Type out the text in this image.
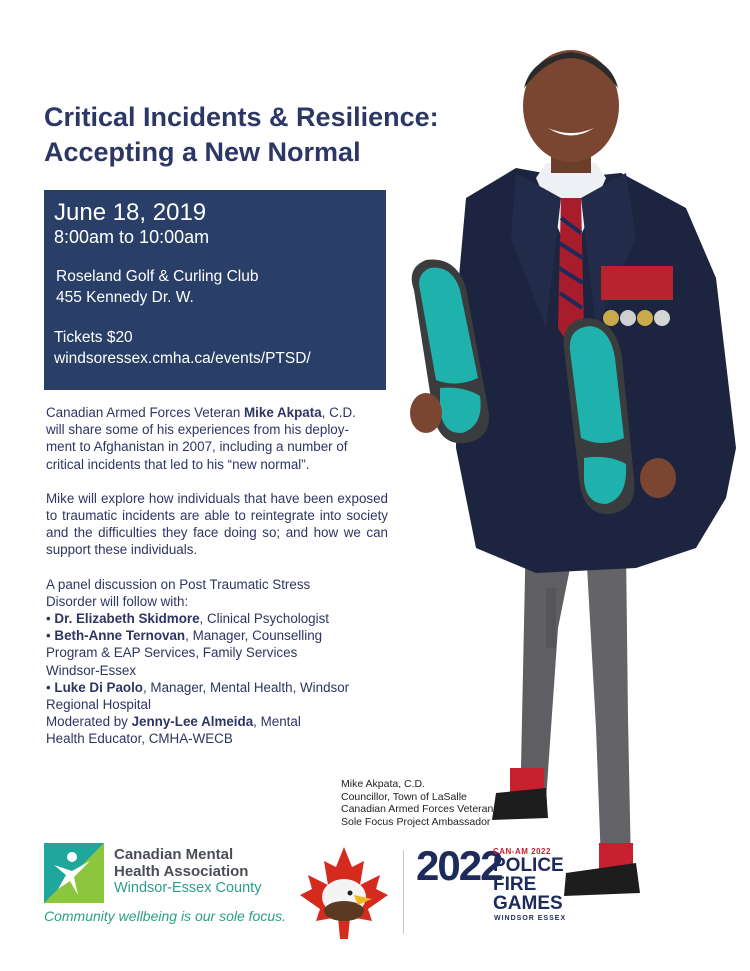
Critical Incidents & Resilience:
Accepting a New Normal
June 18, 2019
8:00am to 10:00am
Roseland Golf & Curling Club
455 Kennedy Dr. W.
Tickets $20
windsoressex.cmha.ca/events/PTSD/

Canadian Armed Forces Veteran Mike Akpata, C.D.
will share some of his experiences from his deploy-
ment to Afghanistan in 2007, including a number of
critical incidents that led to his “new normal”.

Mike will explore how individuals that have been exposed to traumatic incidents are able to reintegrate into society and the difficulties they face doing so; and how we can support these individuals.

A panel discussion on Post Traumatic Stress
Disorder will follow with:
• Dr. Elizabeth Skidmore, Clinical Psychologist
• Beth-Anne Ternovan, Manager, Counselling
Program & EAP Services, Family Services
Windsor-Essex
• Luke Di Paolo, Manager, Mental Health, Windsor
Regional Hospital
Moderated by Jenny-Lee Almeida, Mental
Health Educator, CMHA-WECB
Mike Akpata, C.D.
Councillor, Town of LaSalle
Canadian Armed Forces Veteran
Sole Focus Project Ambassador
Canadian Mental
Health Association
Windsor-Essex County
Community wellbeing is our sole focus.
2022
CAN-AM 2022
POLICE
FIRE
GAMES
WINDSOR ESSEX
